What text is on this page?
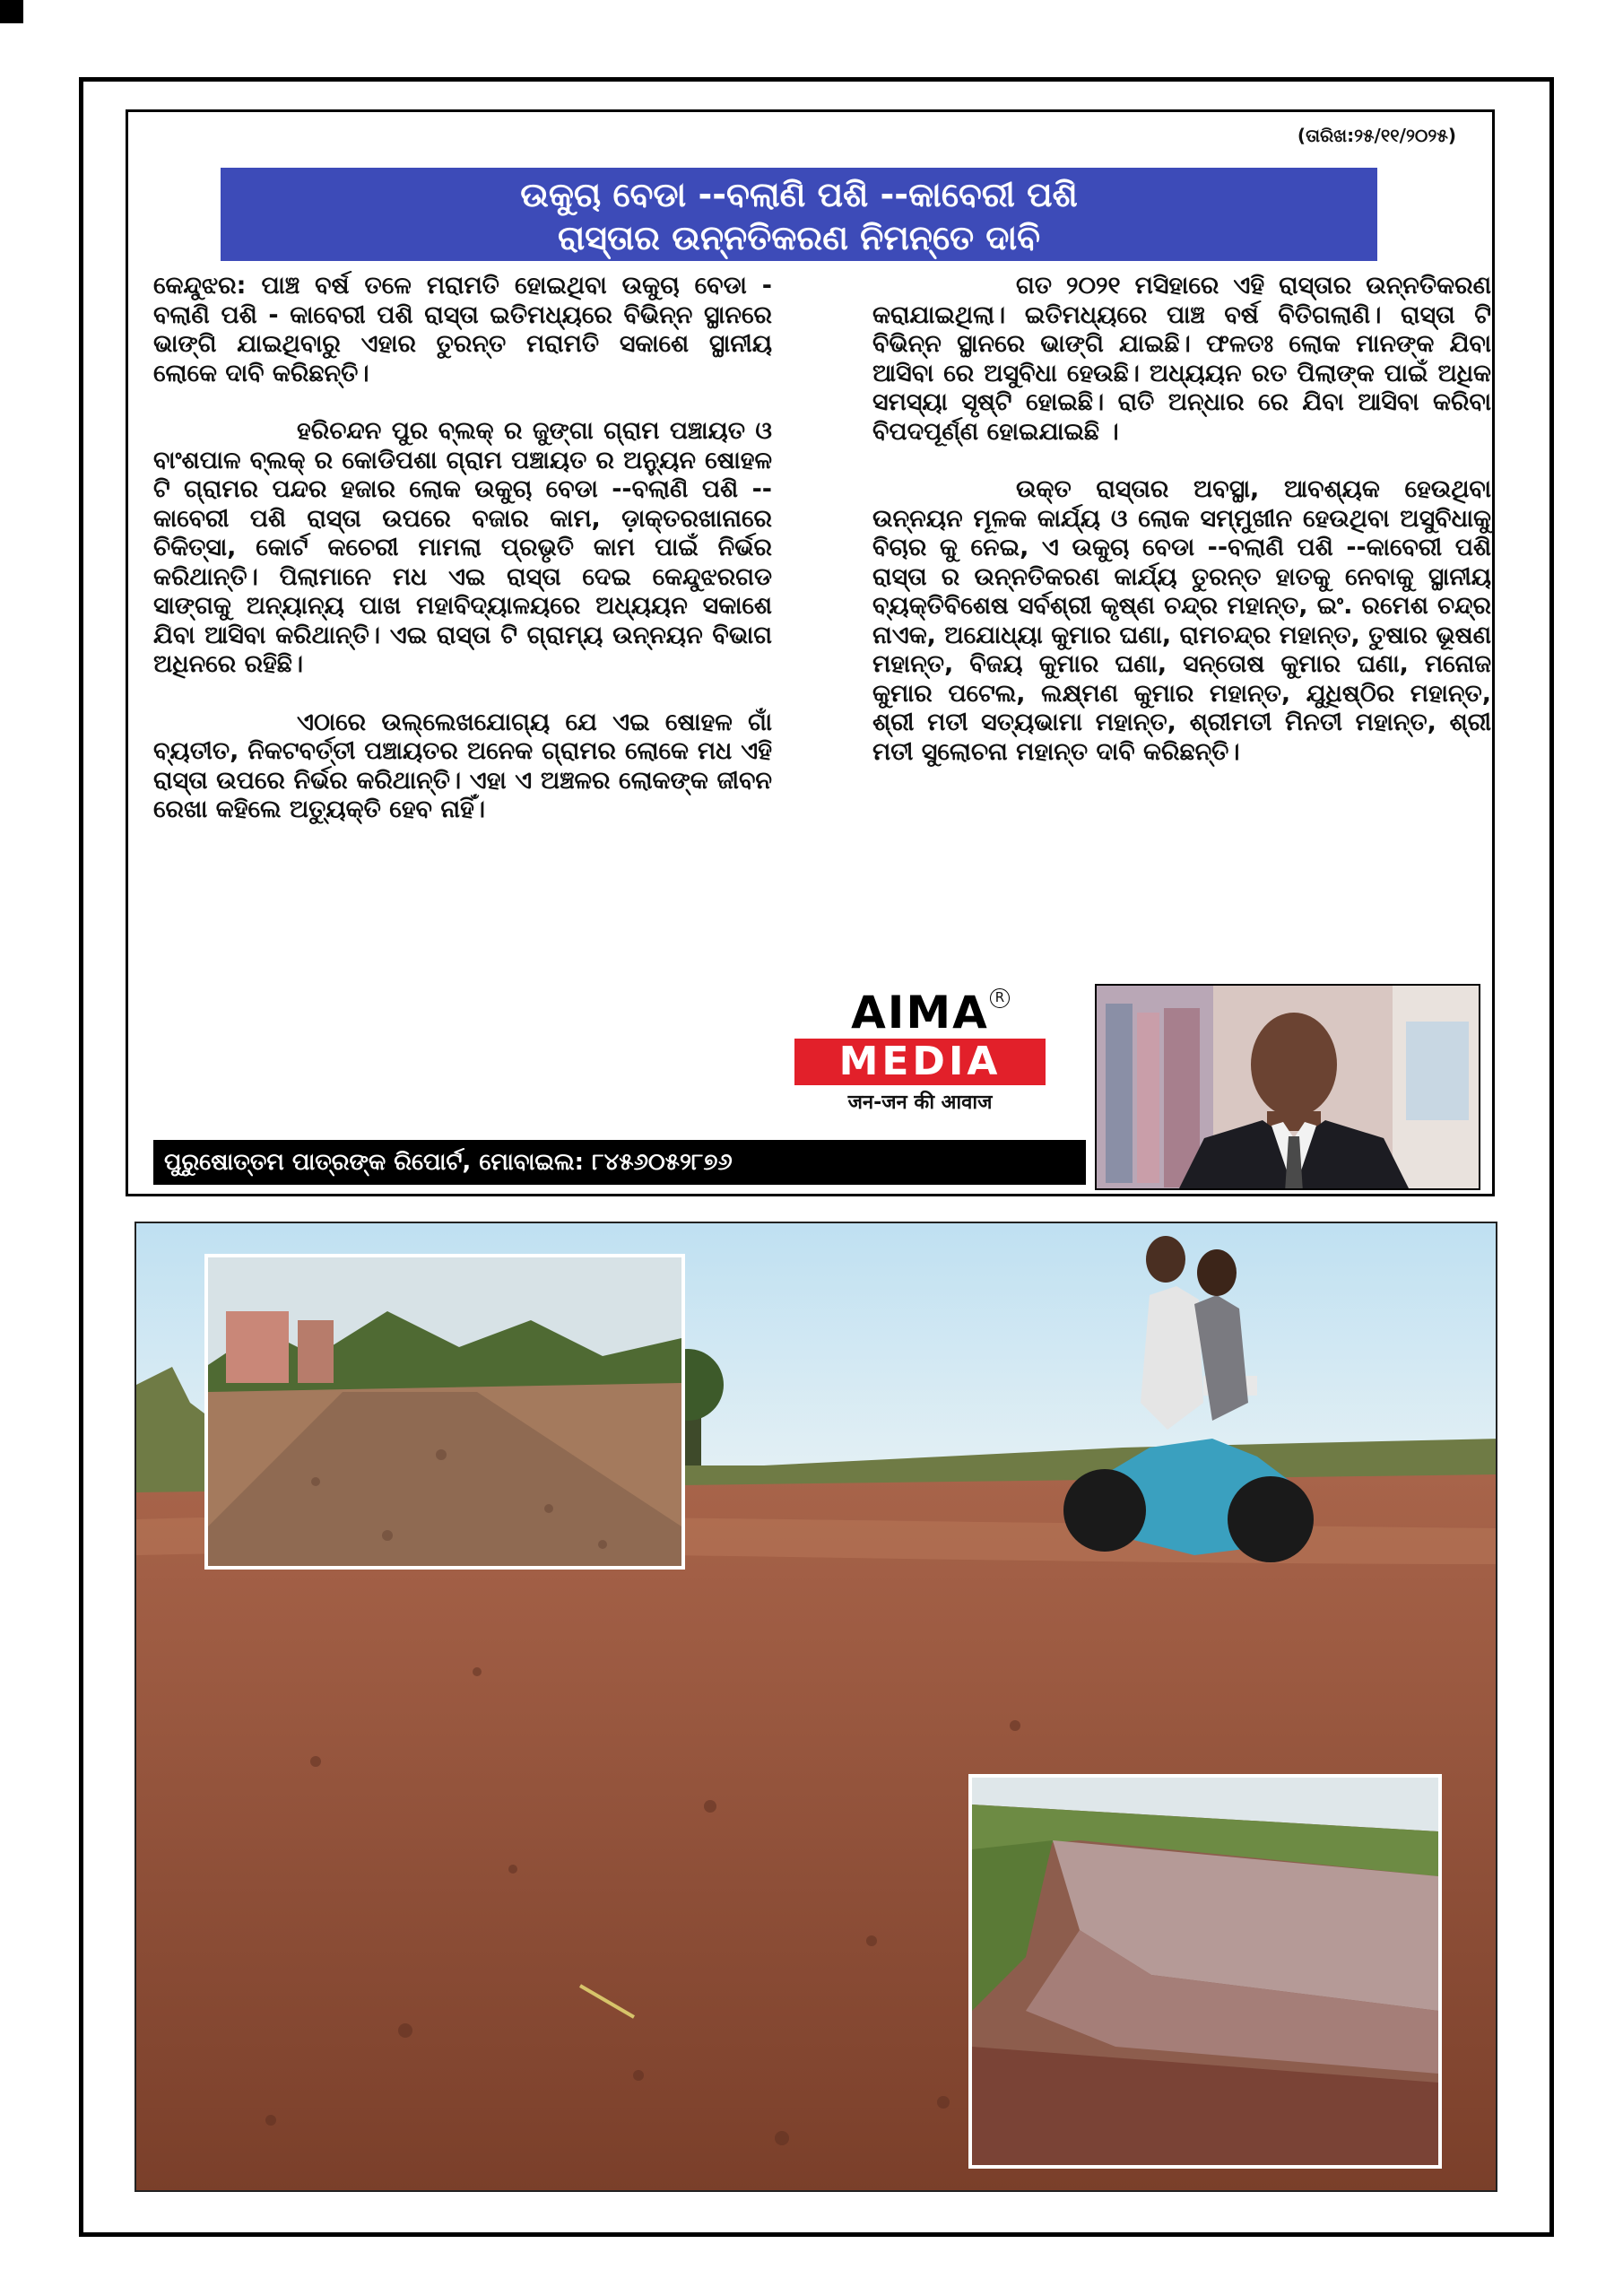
(ତାରିଖ:୨୫/୧୧/୨୦୨୫)
ଉକୁଚା ବେଡା --ବଲାଣି ପଶି --କାବେରୀ ପଶି
ରାସ୍ତାର ଉନ୍ନତିକରଣ ନିମନ୍ତେ ଦାବି

କେନ୍ଦୁଝର: ପାଞ୍ଚ ବର୍ଷ ତଳେ ମରାମତି ହୋଇଥିବା ଉକୁଚା ବେଡା - ବଲାଣି ପଶି - କାବେରୀ ପଶି ରାସ୍ତା ଇତିମଧ୍ୟରେ ବିଭିନ୍ନ ସ୍ଥାନରେ ଭାଙ୍ଗି ଯାଇଥିବାରୁ ଏହାର ତୁରନ୍ତ ମରାମତି ସକାଶେ ସ୍ଥାନୀୟ ଲୋକେ ଦାବି କରିଛନ୍ତି।

ହରିଚନ୍ଦନ ପୁର ବ୍ଲକ୍ ର ଜୁଙ୍ଗା ଗ୍ରାମ ପଞ୍ଚାୟତ ଓ ବାଂଶପାଳ ବ୍ଲକ୍ ର କୋଡିପଶା ଗ୍ରାମ ପଞ୍ଚାୟତ ର ଅନ୍ୟୁନ ଷୋହଳ ଟି ଗ୍ରାମର ପନ୍ଦର ହଜାର ଲୋକ ଉକୁଚା ବେଡା --ବଲାଣି ପଶି --କାବେରୀ ପଶି ରାସ୍ତା ଉପରେ ବଜାର କାମ, ଡ଼ାକ୍ତରଖାନାରେ ଚିକିତ୍ସା, କୋର୍ଟ କଚେରୀ ମାମଲା ପ୍ରଭୃତି କାମ ପାଇଁ ନିର୍ଭର କରିଥାନ୍ତି। ପିଲାମାନେ ମଧ ଏଇ ରାସ୍ତା ଦେଇ କେନ୍ଦୁଝରଗଡ ସାଙ୍ଗକୁ ଅନ୍ୟାନ୍ୟ ପାଖ ମହାବିଦ୍ୟାଳୟରେ ଅଧ୍ୟୟନ ସକାଶେ ଯିବା ଆସିବା କରିଥାନ୍ତି। ଏଇ ରାସ୍ତା ଟି ଗ୍ରାମ୍ୟ ଉନ୍ନୟନ ବିଭାଗ ଅଧିନରେ ରହିଛି।

ଏଠାରେ ଉଲ୍ଲେଖଯୋଗ୍ୟ ଯେ ଏଇ ଷୋହଳ ଗାଁ ବ୍ୟତୀତ, ନିକଟବର୍ତ୍ତୀ ପଞ୍ଚାୟତର ଅନେକ ଗ୍ରାମର ଲୋକେ ମଧ ଏହି ରାସ୍ତା ଉପରେ ନିର୍ଭର କରିଥାନ୍ତି। ଏହା ଏ ଅଞ୍ଚଳର ଲୋକଙ୍କ ଜୀବନ ରେଖା କହିଲେ ଅତ୍ୟୁକ୍ତି ହେବ ନାହିଁ।

ଗତ ୨୦୨୧ ମସିହାରେ ଏହି ରାସ୍ତାର ଉନ୍ନତିକରଣ କରାଯାଇଥିଲା। ଇତିମଧ୍ୟରେ ପାଞ୍ଚ ବର୍ଷ ବିତିଗଲାଣି। ରାସ୍ତା ଟି ବିଭିନ୍ନ ସ୍ଥାନରେ ଭାଙ୍ଗି ଯାଇଛି। ଫଳତଃ ଲୋକ ମାନଙ୍କ ଯିବା ଆସିବା ରେ ଅସୁବିଧା ହେଉଛି। ଅଧ୍ୟୟନ ରତ ପିଲାଙ୍କ ପାଇଁ ଅଧିକ ସମସ୍ୟା ସୃଷ୍ଟି ହୋଇଛି। ରାତି ଅନ୍ଧାର ରେ ଯିବା ଆସିବା କରିବା ବିପଦପୂର୍ଣ୍ଣ ହୋଇଯାଇଛି ।

ଉକ୍ତ ରାସ୍ତାର ଅବସ୍ଥା, ଆବଶ୍ୟକ ହେଉଥିବା ଉନ୍ନୟନ ମୂଳକ କାର୍ଯ୍ୟ ଓ ଲୋକ ସମ୍ମୁଖୀନ ହେଉଥିବା ଅସୁବିଧାକୁ ବିଚାର କୁ ନେଇ, ଏ ଉକୁଚା ବେଡା --ବଲାଣି ପଶି --କାବେରୀ ପଶି ରାସ୍ତା ର ଉନ୍ନତିକରଣ କାର୍ଯ୍ୟ ତୁରନ୍ତ ହାତକୁ ନେବାକୁ ସ୍ଥାନୀୟ ବ୍ୟକ୍ତିବିଶେଷ ସର୍ବଶ୍ରୀ କୃଷ୍ଣ ଚନ୍ଦ୍ର ମହାନ୍ତ, ଇଂ. ରମେଶ ଚନ୍ଦ୍ର ନାଏକ, ଅଯୋଧ୍ୟା କୁମାର ଘଣା, ରାମଚନ୍ଦ୍ର ମହାନ୍ତ, ତୁଷାର ଭୂଷଣ ମହାନ୍ତ, ବିଜୟ କୁମାର ଘଣା, ସନ୍ତୋଷ କୁମାର ଘଣା, ମନୋଜ କୁମାର ପଟେଲ, ଲକ୍ଷ୍ମଣ କୁମାର ମହାନ୍ତ, ଯୁଧିଷ୍ଠିର ମହାନ୍ତ, ଶ୍ରୀ ମତୀ ସତ୍ୟଭାମା ମହାନ୍ତ, ଶ୍ରୀମତୀ ମିନତୀ ମହାନ୍ତ, ଶ୍ରୀ ମତୀ ସୁଲୋଚନା ମହାନ୍ତ ଦାବି କରିଛନ୍ତି।

AIMA R
MEDIA
जन-जन की आवाज
ପୁରୁଷୋତ୍ତମ ପାତ୍ରଙ୍କ ରିପୋର୍ଟ, ମୋବାଇଲ: ୮୪୫୬୦୫୨୮୭୬
